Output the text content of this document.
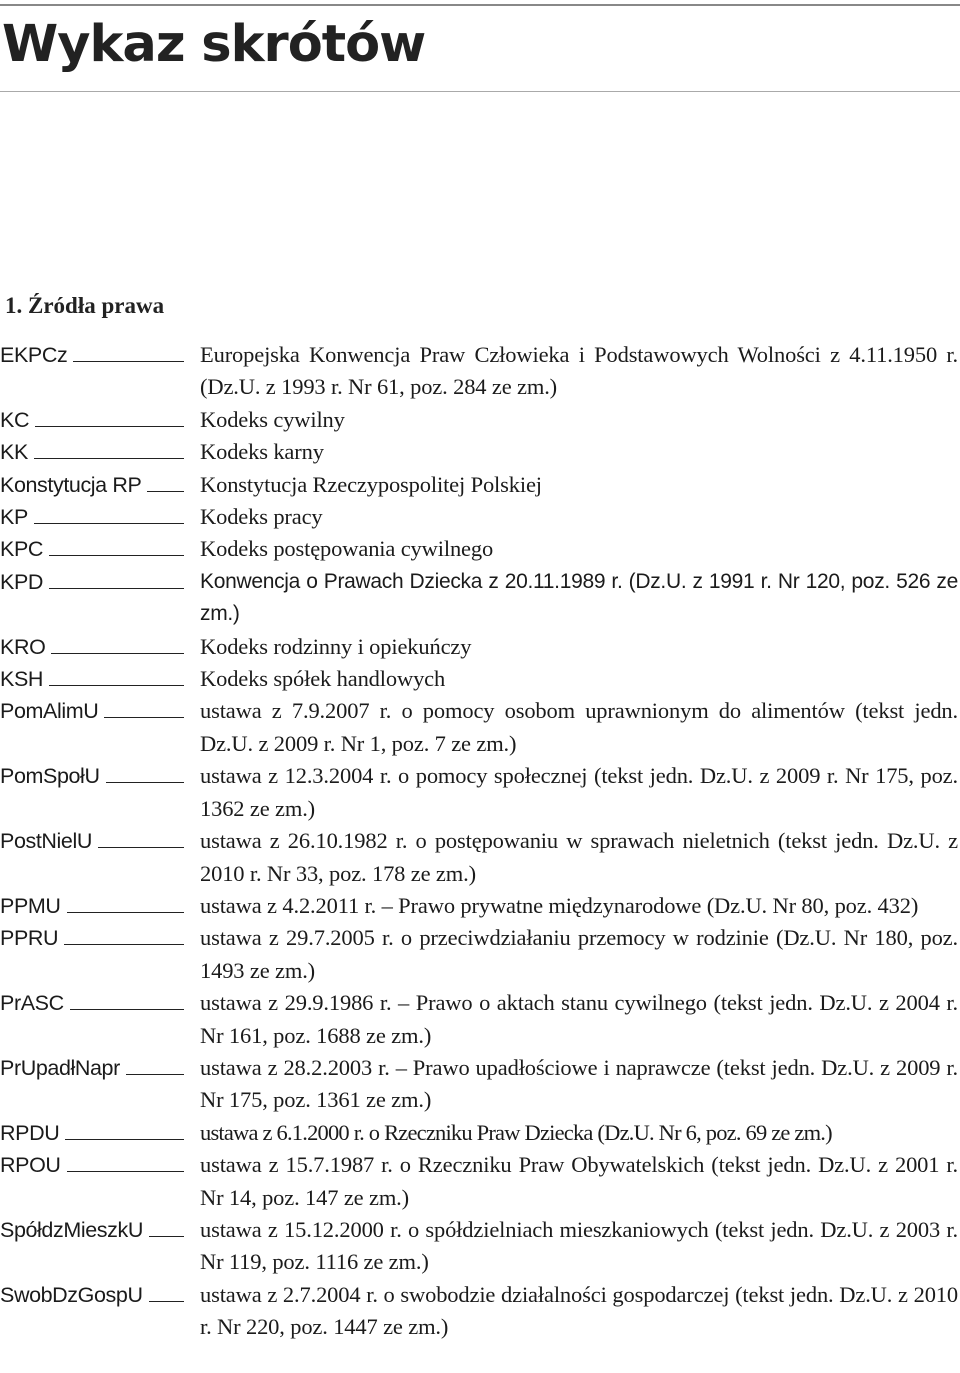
Wykaz skrótów
1. Źródła prawa
EKPCz	Europejska Konwencja Praw Człowieka i Podstawowych Wolności z 4.11.1950 r. (Dz.U. z 1993 r. Nr 61, poz. 284 ze zm.)
KC	Kodeks cywilny
KK	Kodeks karny
Konstytucja RP	Konstytucja Rzeczypospolitej Polskiej
KP	Kodeks pracy
KPC	Kodeks postępowania cywilnego
KPD	Konwencja o Prawach Dziecka z 20.11.1989 r. (Dz.U. z 1991 r. Nr 120, poz. 526 ze zm.)
KRO	Kodeks rodzinny i opiekuńczy
KSH	Kodeks spółek handlowych
PomAlimU	ustawa z 7.9.2007 r. o pomocy osobom uprawnionym do alimentów (tekst jedn. Dz.U. z 2009 r. Nr 1, poz. 7 ze zm.)
PomSpołU	ustawa z 12.3.2004 r. o pomocy społecznej (tekst jedn. Dz.U. z 2009 r. Nr 175, poz. 1362 ze zm.)
PostNielU	ustawa z 26.10.1982 r. o postępowaniu w sprawach nieletnich (tekst jedn. Dz.U. z 2010 r. Nr 33, poz. 178 ze zm.)
PPMU	ustawa z 4.2.2011 r. – Prawo prywatne międzynarodowe (Dz.U. Nr 80, poz. 432)
PPRU	ustawa z 29.7.2005 r. o przeciwdziałaniu przemocy w rodzinie (Dz.U. Nr 180, poz. 1493 ze zm.)
PrASC	ustawa z 29.9.1986 r. – Prawo o aktach stanu cywilnego (tekst jedn. Dz.U. z 2004 r. Nr 161, poz. 1688 ze zm.)
PrUpadłNapr	ustawa z 28.2.2003 r. – Prawo upadłościowe i naprawcze (tekst jedn. Dz.U. z 2009 r. Nr 175, poz. 1361 ze zm.)
RPDU	ustawa z 6.1.2000 r. o Rzeczniku Praw Dziecka (Dz.U. Nr 6, poz. 69 ze zm.)
RPOU	ustawa z 15.7.1987 r. o Rzeczniku Praw Obywatelskich (tekst jedn. Dz.U. z 2001 r. Nr 14, poz. 147 ze zm.)
SpółdzMieszkU	ustawa z 15.12.2000 r. o spółdzielniach mieszkaniowych (tekst jedn. Dz.U. z 2003 r. Nr 119, poz. 1116 ze zm.)
SwobDzGospU	ustawa z 2.7.2004 r. o swobodzie działalności gospodarczej (tekst jedn. Dz.U. z 2010 r. Nr 220, poz. 1447 ze zm.)
